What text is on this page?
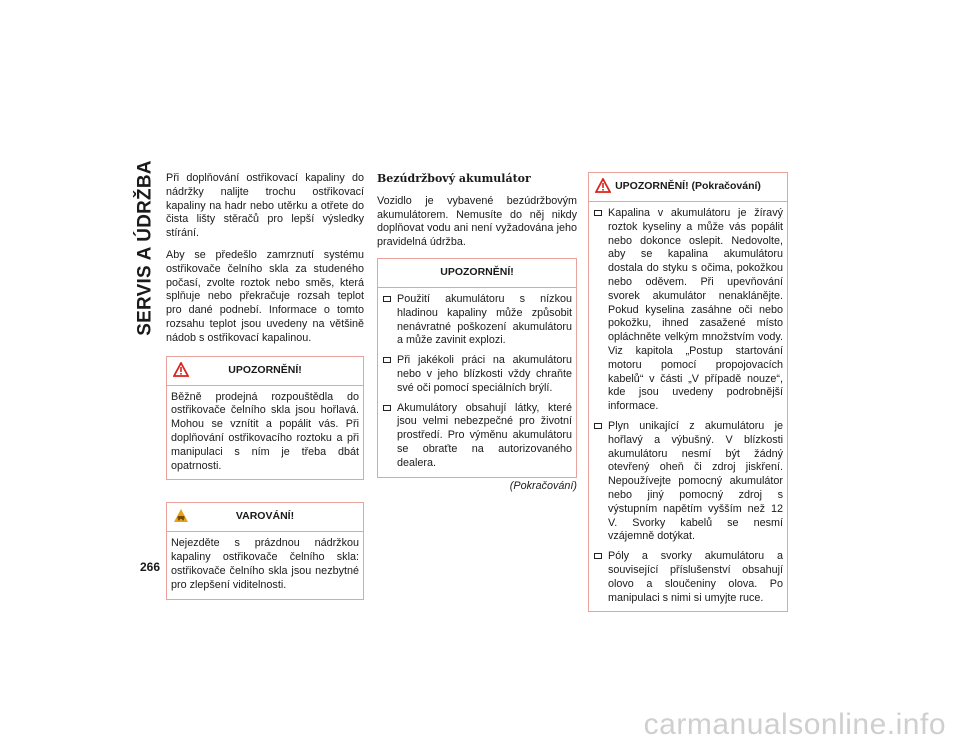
SERVIS A ÚDRŽBA
266

Při doplňování ostřikovací kapaliny do nádržky nalijte trochu ostřikovací kapaliny na hadr nebo utěrku a otřete do čista lišty stěračů pro lepší výsledky stírání.

Aby se předešlo zamrznutí systému ostřikovače čelního skla za studeného počasí, zvolte roztok nebo směs, která splňuje nebo překračuje rozsah teplot pro dané podnebí. Informace o tomto rozsahu teplot jsou uvedeny na většině nádob s ostřikovací kapalinou.

UPOZORNĚNÍ!

Běžně prodejná rozpouštědla do ostřikovače čelního skla jsou hořlavá. Mohou se vznítit a popálit vás. Při doplňování ostřikovacího roztoku a při manipulaci s ním je třeba dbát opatrnosti.

VAROVÁNÍ!

Nejezděte s prázdnou nádržkou kapaliny ostřikovače čelního skla: ostřikovače čelního skla jsou nezbytné pro zlepšení viditelnosti.

Bezúdržbový akumulátor

Vozidlo je vybavené bezúdržbovým akumulátorem. Nemusíte do něj nikdy doplňovat vodu ani není vyžadována jeho pravidelná údržba.

UPOZORNĚNÍ!
Použití akumulátoru s nízkou hladinou kapaliny může způsobit nenávratné poškození akumulátoru a může zavinit explozi.
Při jakékoli práci na akumulátoru nebo v jeho blízkosti vždy chraňte své oči pomocí speciálních brýlí.
Akumulátory obsahují látky, které jsou velmi nebezpečné pro životní prostředí. Pro výměnu akumulátoru se obraťte na autorizovaného dealera.
(Pokračování)
UPOZORNĚNÍ! (Pokračování)
Kapalina v akumulátoru je žíravý roztok kyseliny a může vás popálit nebo dokonce oslepit. Nedovolte, aby se kapalina akumulátoru dostala do styku s očima, pokožkou nebo oděvem. Při upevňování svorek akumulátor nenaklánějte. Pokud kyselina zasáhne oči nebo pokožku, ihned zasažené místo opláchněte velkým množstvím vody. Viz kapitola „Postup startování motoru pomocí propojovacích kabelů“ v části „V případě nouze“, kde jsou uvedeny podrobnější informace.
Plyn unikající z akumulátoru je hořlavý a výbušný. V blízkosti akumulátoru nesmí být žádný otevřený oheň či zdroj jiskření. Nepoužívejte pomocný akumulátor nebo jiný pomocný zdroj s výstupním napětím vyšším než 12 V. Svorky kabelů se nesmí vzájemně dotýkat.
Póly a svorky akumulátoru a související příslušenství obsahují olovo a sloučeniny olova. Po manipulaci s nimi si umyjte ruce.
carmanualsonline.info
